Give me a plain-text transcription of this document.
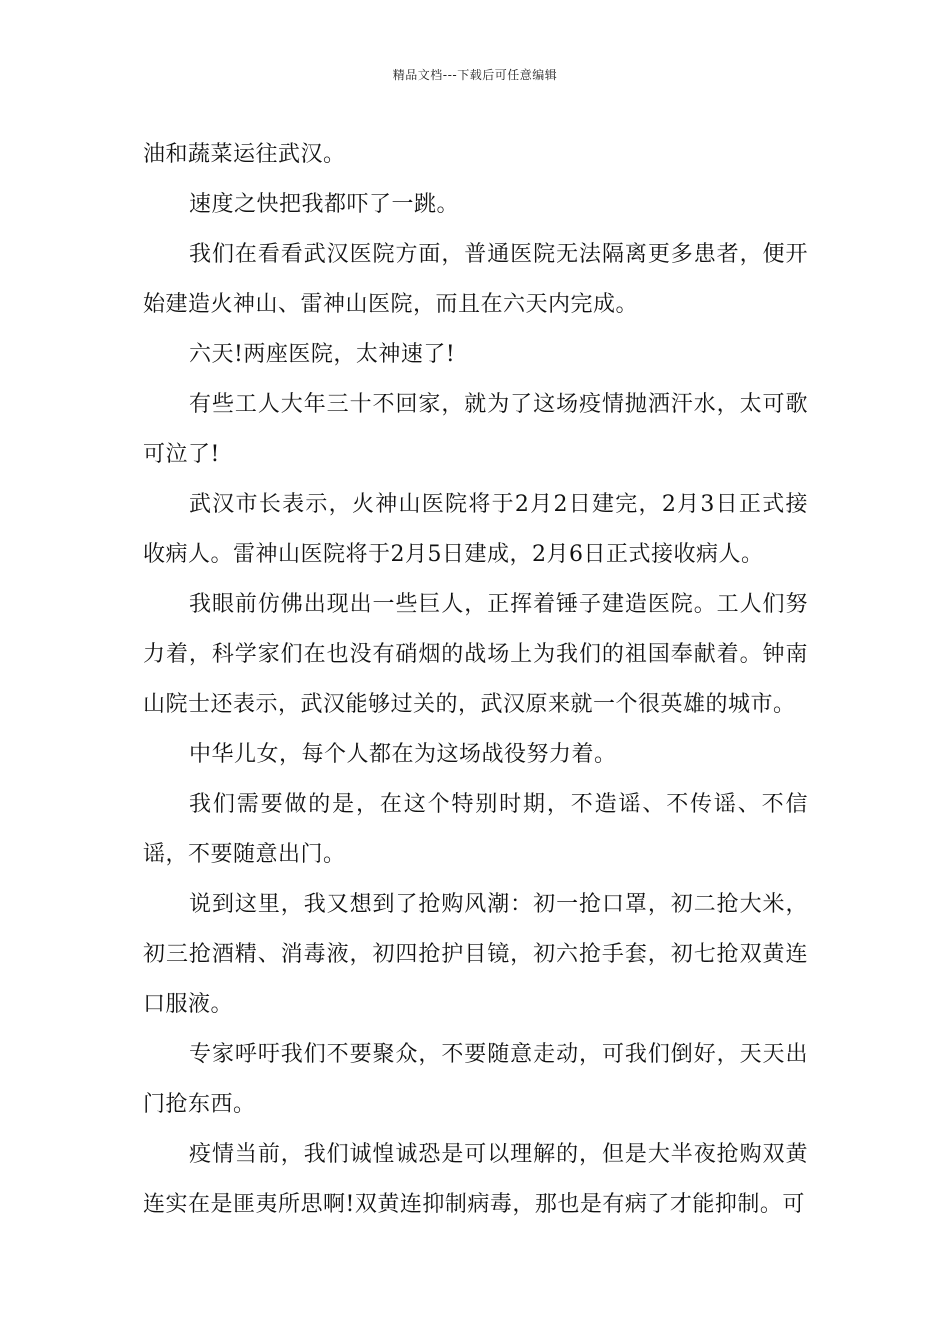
精品文档---下载后可任意编辑

油和蔬菜运往武汉。

速度之快把我都吓了一跳。

我们在看看武汉医院方面，普通医院无法隔离更多患者，便开始建造火神山、雷神山医院，而且在六天内完成。

六天!两座医院，太神速了!

有些工人大年三十不回家，就为了这场疫情抛洒汗水，太可歌可泣了!

武汉市长表示，火神山医院将于2月2日建完，2月3日正式接收病人。雷神山医院将于2月5日建成，2月6日正式接收病人。

我眼前仿佛出现出一些巨人，正挥着锤子建造医院。工人们努力着，科学家们在也没有硝烟的战场上为我们的祖国奉献着。钟南山院士还表示，武汉能够过关的，武汉原来就一个很英雄的城市。

中华儿女，每个人都在为这场战役努力着。

我们需要做的是，在这个特别时期，不造谣、不传谣、不信谣，不要随意出门。

说到这里，我又想到了抢购风潮：初一抢口罩，初二抢大米，初三抢酒精、消毒液，初四抢护目镜，初六抢手套，初七抢双黄连口服液。

专家呼吁我们不要聚众，不要随意走动，可我们倒好，天天出门抢东西。

疫情当前，我们诚惶诚恐是可以理解的，但是大半夜抢购双黄连实在是匪夷所思啊!双黄连抑制病毒，那也是有病了才能抑制。可
